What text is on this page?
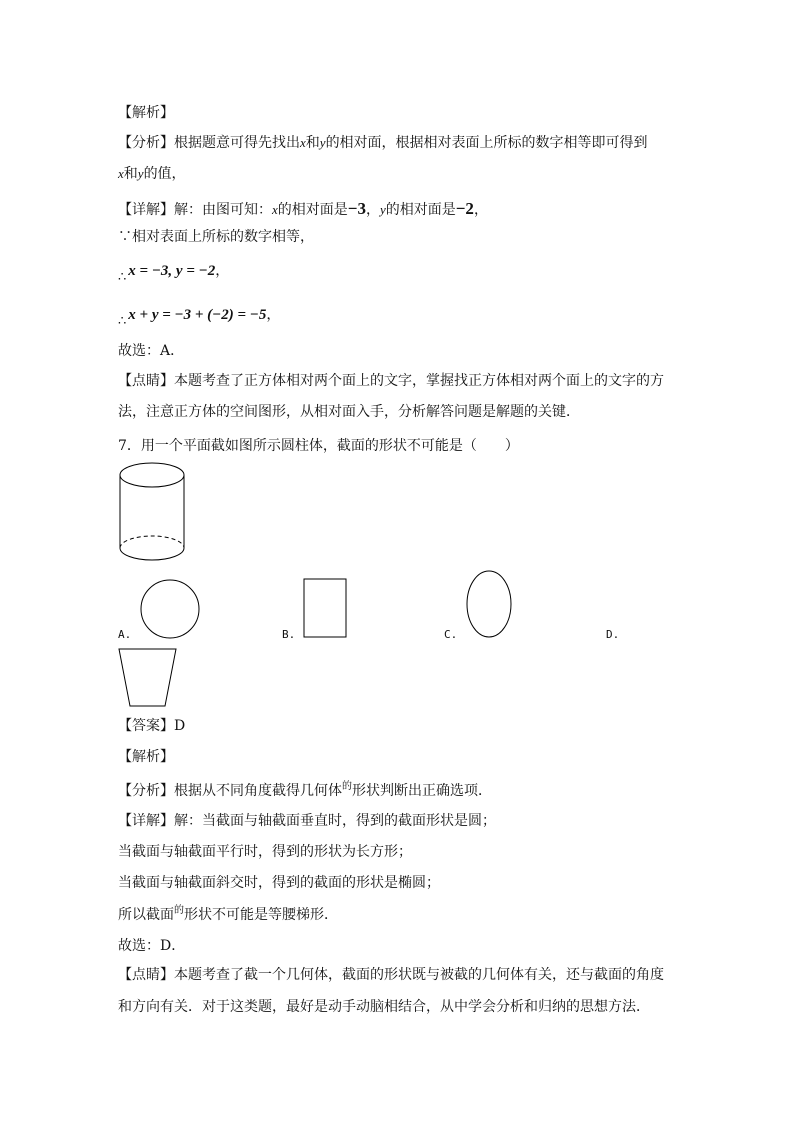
【解析】
【分析】根据题意可得先找出x和y的相对面，根据相对表面上所标的数字相等即可得到
x和y的值，
【详解】解：由图可知：x的相对面是−3，y的相对面是−2，
∵相对表面上所标的数字相等，
∴ x = −3, y = −2，
∴ x + y = −3 + (−2) = −5，
故选：A．
【点睛】本题考查了正方体相对两个面上的文字，掌握找正方体相对两个面上的文字的方
法，注意正方体的空间图形，从相对面入手，分析解答问题是解题的关键．
7．用一个平面截如图所示圆柱体，截面的形状不可能是（　　）
A.	B.	C.	D.
【答案】D
【解析】
【分析】根据从不同角度截得几何体$^的$形状判断出正确选项．
【详解】解：当截面与轴截面垂直时，得到的截面形状是圆；
当截面与轴截面平行时，得到的形状为长方形；
当截面与轴截面斜交时，得到的截面的形状是椭圆；
所以截面$^的$形状不可能是等腰梯形．
故选：D．
【点睛】本题考查了截一个几何体，截面的形状既与被截的几何体有关，还与截面的角度
和方向有关．对于这类题，最好是动手动脑相结合，从中学会分析和归纳的思想方法．
